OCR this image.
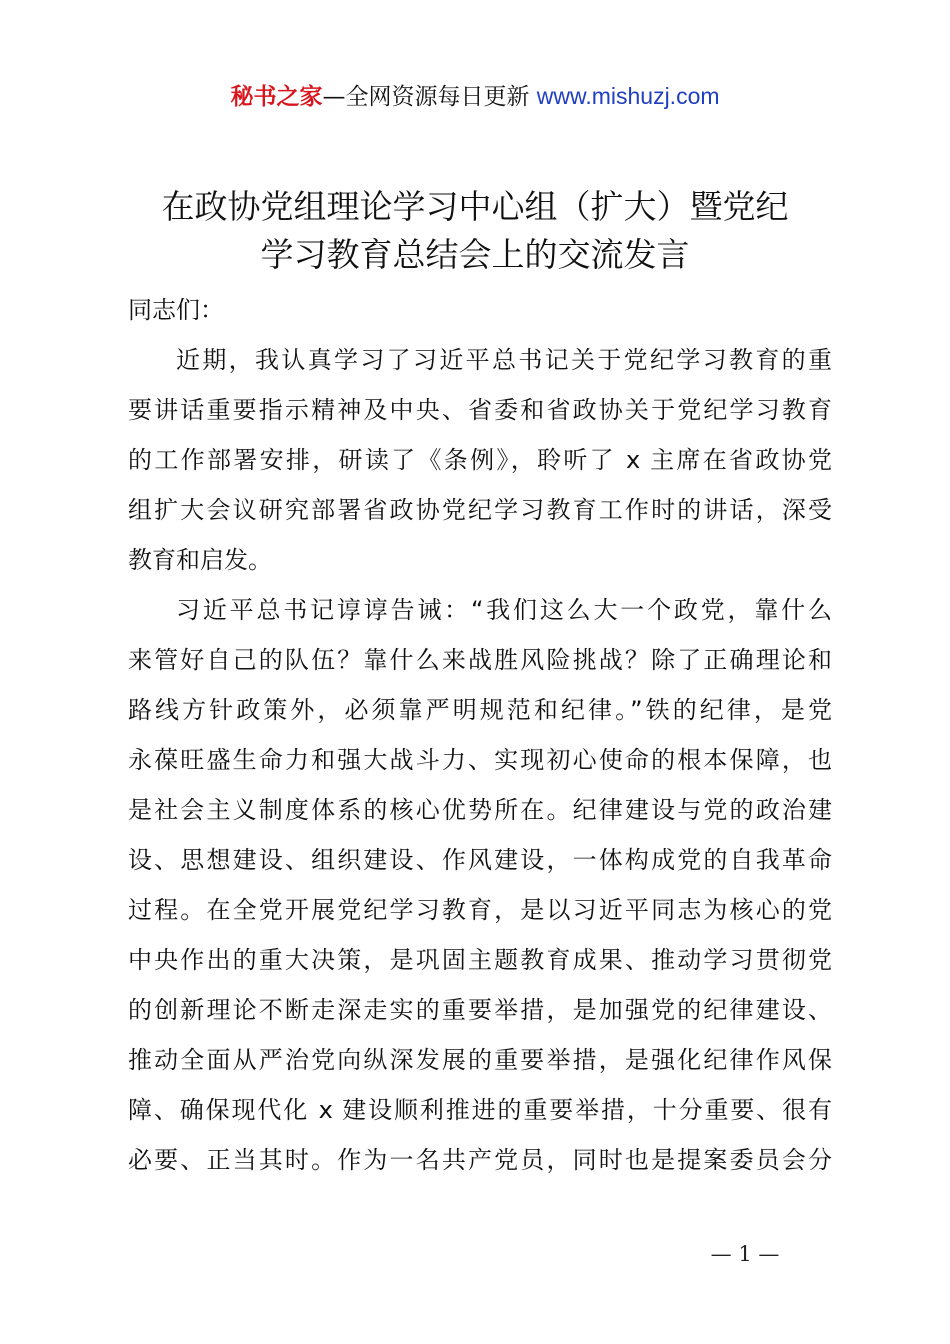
秘书之家—全网资源每日更新 www.mishuzj.com
在政协党组理论学习中心组（扩大）暨党纪
学习教育总结会上的交流发言

同志们：

近期，我认真学习了习近平总书记关于党纪学习教育的重
要讲话重要指示精神及中央、省委和省政协关于党纪学习教育
的工作部署安排，研读了《条例》，聆听了 x 主席在省政协党
组扩大会议研究部署省政协党纪学习教育工作时的讲话，深受
教育和启发。

习近平总书记谆谆告诫：“我们这么大一个政党，靠什么
来管好自己的队伍？靠什么来战胜风险挑战？除了正确理论和
路线方针政策外，必须靠严明规范和纪律。”铁的纪律，是党
永葆旺盛生命力和强大战斗力、实现初心使命的根本保障，也
是社会主义制度体系的核心优势所在。纪律建设与党的政治建
设、思想建设、组织建设、作风建设，一体构成党的自我革命
过程。在全党开展党纪学习教育，是以习近平同志为核心的党
中央作出的重大决策，是巩固主题教育成果、推动学习贯彻党
的创新理论不断走深走实的重要举措，是加强党的纪律建设、
推动全面从严治党向纵深发展的重要举措，是强化纪律作风保
障、确保现代化 x 建设顺利推进的重要举措，十分重要、很有
必要、正当其时。作为一名共产党员，同时也是提案委员会分

— 1 —
